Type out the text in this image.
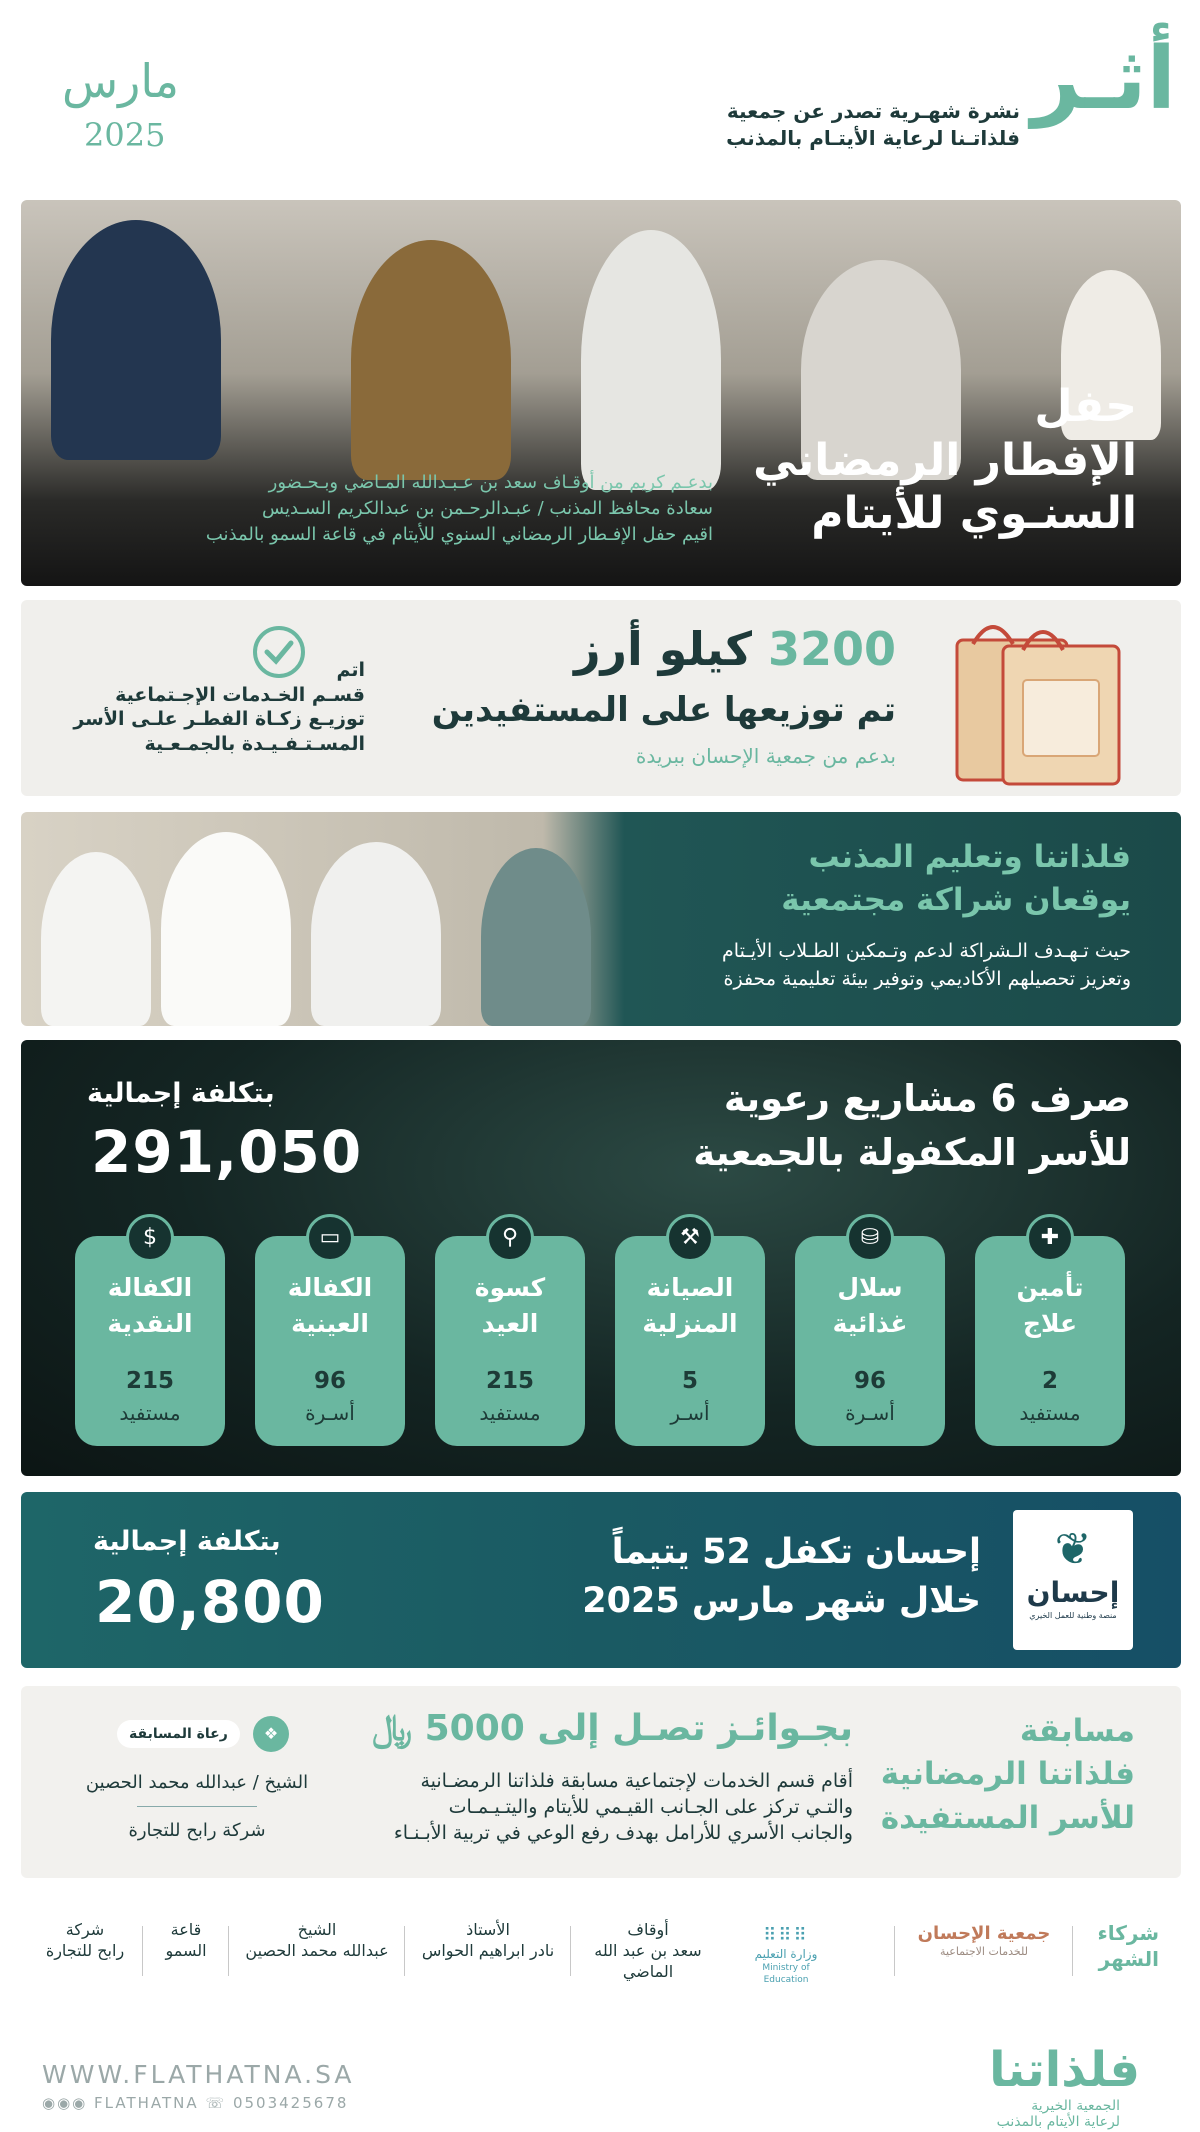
أثـر
نشرة شهـرية تصدر عن جمعية
فلذاتـنا لرعاية الأيتـام بالمذنب
مارس
2025
حفل
الإفطار الرمضاني
السنـوي للأيتام
بدعـم كريم من أوقـاف سعد بن عـبـدالله المـاضي وبـحـضور
سعادة محافظ المذنب / عبـدالرحـمن بن عبدالكريم السـديس
اقيم حفل الإفـطار الرمضاني السنوي للأيتام في قاعة السمو بالمذنب
3200 كيلو أرز
تم توزيعها على المستفيدين
بدعم من جمعية الإحسان ببريدة
اتم
قسـم الخـدمات الإجـتماعية
توزيـع زكـاة الفطـر علـى الأسر
المسـتـفـيـدة بالجمـعـية
فلذاتنا وتعليم المذنب
يوقعان شراكة مجتمعية
حيث تـهـدف الـشراكة لدعم وتـمكين الطـلاب الأيـتام
وتعزيز تحصيلهم الأكاديمي وتوفير بيئة تعليمية محفزة
صرف 6 مشاريع رعوية
للأسر المكفولة بالجمعية
بتكلفة إجمالية
291,050
✚
تأمين
علاج
2
مستفيد
⛁
سلال
غذائية
96
أسـرة
⚒
الصيانة
المنزلية
5
أسـر
⚲
كسوة
العيد
215
مستفيد
▭
الكفالة
العينية
96
أسـرة
$
الكفالة
النقدية
215
مستفيد
❦
إحسان
منصة وطنية للعمل الخيري
إحسان تكفل 52 يتيماً
خلال شهر مارس 2025
بتكلفة إجمالية
20,800
مسابقة
فلذاتنا الرمضانية
للأسر المستفيدة
بجـوائـز تصـل إلى 5000 ﷼
أقام قسم الخدمات لإجتماعية مسابقة فلذاتنا الرمضـانية
والتـي تركز على الجـانب القيـمي للأيتام واليتـيـمـات
والجانب الأسري للأرامل بهدف رفع الوعي في تربية الأبـنـاء
❖
رعاة المسابقة
الشيخ / عبدالله محمد الحصين
شركة رابح للتجارة
شركاء
الشهر
جمعية الإحسان
للخدمات الاجتماعية
⠿⠿⠿
وزارة التعليم
Ministry of Education
أوقاف
سعد بن عبد الله
الماضي
الأستاذ
نادر ابراهيم الحواس
الشيخ
عبدالله محمد الحصين
قاعة
السمو
شركة
رابح للتجارة
WWW.FLATHATNA.SA
◉◉◉ FLATHATNA ☏ 0503425678
فلذاتنا
الجمعية الخيرية
لرعاية الأيتام بالمذنب
